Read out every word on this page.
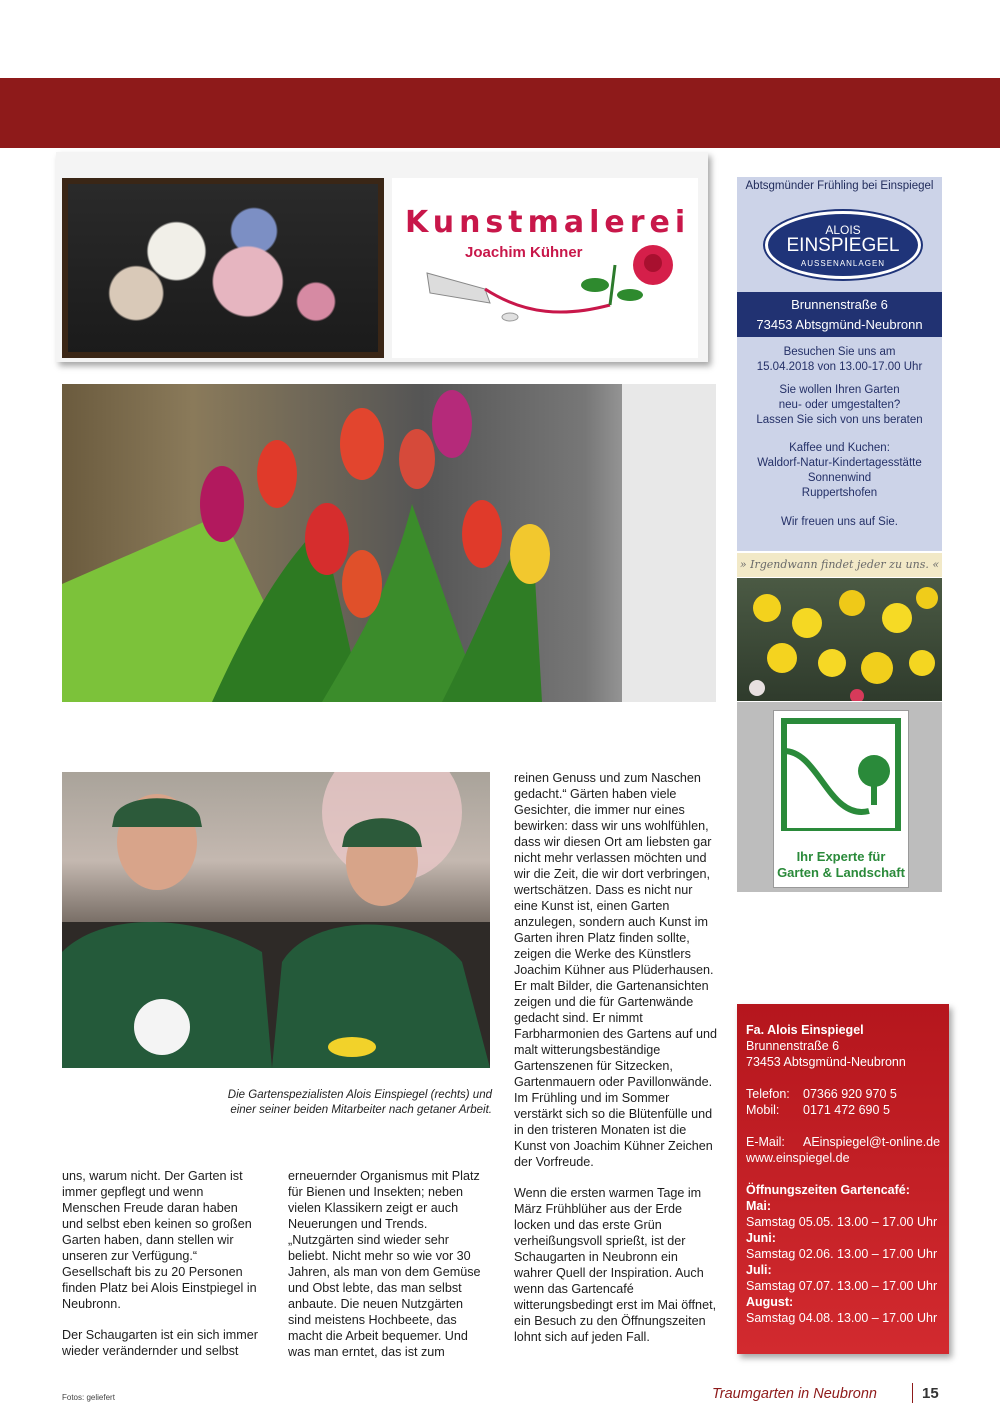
Kunstmalerei
Joachim Kühner
Abtsgmünder Frühling bei Einspiegel
ALOIS
EINSPIEGEL
AUSSENANLAGEN
Brunnenstraße 6
73453 Abtsgmünd-Neubronn
Besuchen Sie uns am
15.04.2018 von 13.00-17.00 Uhr
Sie wollen Ihren Garten
neu- oder umgestalten?
Lassen Sie sich von uns beraten
Kaffee und Kuchen:
Waldorf-Natur-Kindertagesstätte
Sonnenwind
Ruppertshofen
Wir freuen uns auf Sie.
» Irgendwann findet jeder zu uns. «
Ihr Experte für
Garten & Landschaft
Die Gartenspezialisten Alois Einspiegel (rechts) und einer seiner beiden Mitarbeiter nach getaner Arbeit.

uns, warum nicht. Der Garten ist immer gepflegt und wenn Menschen Freude daran haben und selbst eben keinen so großen Garten haben, dann stellen wir unseren zur Verfügung.“ Gesellschaft bis zu 20 Personen finden Platz bei Alois Einstpiegel in Neubronn.

Der Schaugarten ist ein sich immer wieder verändernder und selbst

erneuernder Organismus mit Platz für Bienen und Insekten; neben vielen Klassikern zeigt er auch Neuerungen und Trends. „Nutzgärten sind wieder sehr beliebt. Nicht mehr so wie vor 30 Jahren, als man von dem Gemüse und Obst lebte, das man selbst anbaute. Die neuen Nutzgärten sind meistens Hochbeete, das macht die Arbeit bequemer. Und was man erntet, das ist zum

reinen Genuss und zum Naschen gedacht.“ Gärten haben viele Gesichter, die immer nur eines bewirken: dass wir uns wohlfühlen, dass wir diesen Ort am liebsten gar nicht mehr verlassen möchten und wir die Zeit, die wir dort verbringen, wertschätzen. Dass es nicht nur eine Kunst ist, einen Garten anzulegen, sondern auch Kunst im Garten ihren Platz finden sollte, zeigen die Werke des Künstlers Joachim Kühner aus Plüderhausen. Er malt Bilder, die Gartenansichten zeigen und die für Gartenwände gedacht sind. Er nimmt Farbharmonien des Gartens auf und malt witterungsbeständige Gartenszenen für Sitzecken, Gartenmauern oder Pavillonwände. Im Frühling und im Sommer verstärkt sich so die Blütenfülle und in den tristeren Monaten ist die Kunst von Joachim Kühner Zeichen der Vorfreude.

Wenn die ersten warmen Tage im März Frühblüher aus der Erde locken und das erste Grün verheißungsvoll sprießt, ist der Schaugarten in Neubronn ein wahrer Quell der Inspiration. Auch wenn das Gartencafé witterungsbedingt erst im Mai öffnet, ein Besuch zu den Öffnungszeiten lohnt sich auf jeden Fall.

Fa. Alois Einspiegel
Brunnenstraße 6
73453 Abtsgmünd-Neubronn
Telefon: 07366 920 970 5
Mobil: 0171 472 690 5
E-Mail: AEinspiegel@t-online.de
www.einspiegel.de
Öffnungszeiten Gartencafé:
Mai:
Samstag 05.05. 13.00 – 17.00 Uhr
Juni:
Samstag 02.06. 13.00 – 17.00 Uhr
Juli:
Samstag 07.07. 13.00 – 17.00 Uhr
August:
Samstag 04.08. 13.00 – 17.00 Uhr
Fotos: geliefert	Traumgarten in Neubronn	15
